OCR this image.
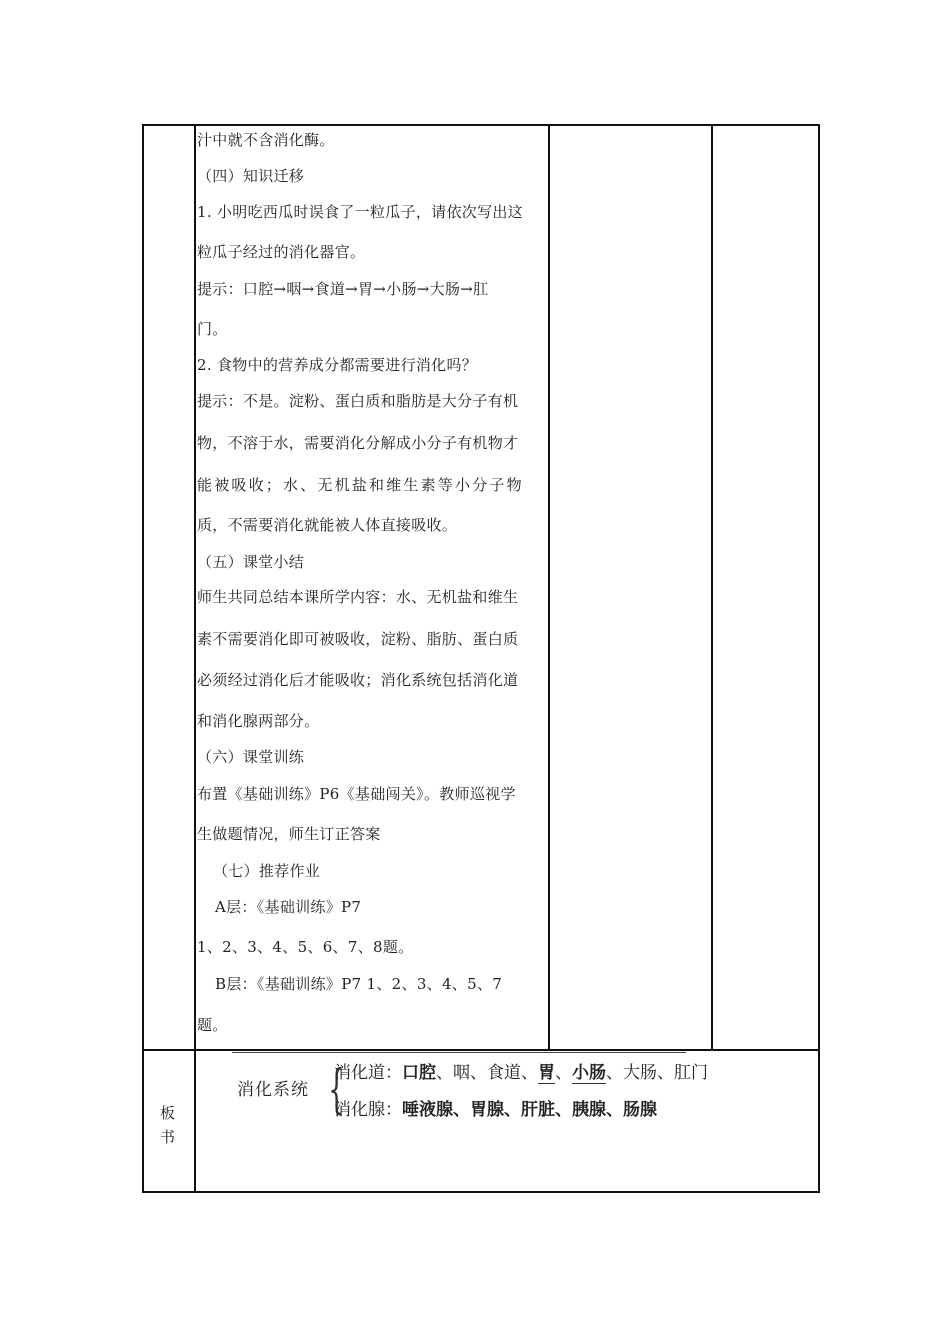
汁中就不含消化酶。
（四）知识迁移
1. 小明吃西瓜时误食了一粒瓜子，请依次写出这
粒瓜子经过的消化器官。
提示：口腔→咽→食道→胃→小肠→大肠→肛
门。
2. 食物中的营养成分都需要进行消化吗？
提示：不是。淀粉、蛋白质和脂肪是大分子有机
物，不溶于水，需要消化分解成小分子有机物才
能被吸收；水、无机盐和维生素等小分子物
质，不需要消化就能被人体直接吸收。
（五）课堂小结
师生共同总结本课所学内容：水、无机盐和维生
素不需要消化即可被吸收，淀粉、脂肪、蛋白质
必须经过消化后才能吸收；消化系统包括消化道
和消化腺两部分。
（六）课堂训练
布置《基础训练》P6《基础闯关》。教师巡视学
生做题情况，师生订正答案
（七）推荐作业
A层：《基础训练》P7
1、2、3、4、5、6、7、8题。
B层：《基础训练》P7 1、2、3、4、5、7
题。
板
书
消化系统 {
消化道：口腔、咽、食道、胃、小肠、大肠、肛门
消化腺：唾液腺、胃腺、肝脏、胰腺、肠腺
